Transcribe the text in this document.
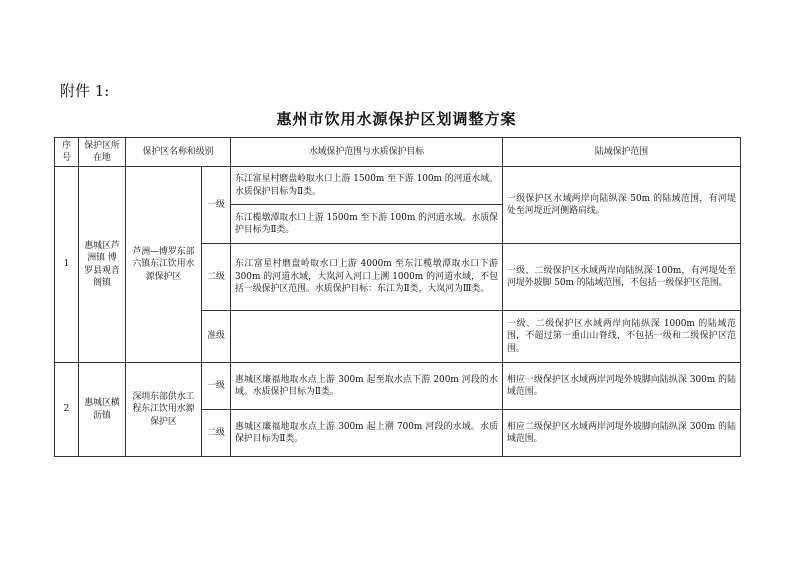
附件 1:
惠州市饮用水源保护区划调整方案
序号	保护区所在地	保护区名称和级别		水域保护范围与水质保护目标	陆域保护范围
1	惠城区芦洲镇 博罗县观音阁镇	芦洲—博罗东部六镇东江饮用水源保护区	一级	东江富星村磨盘岭取水口上游 1500m 至下游 100m 的河道水域。水质保护目标为Ⅱ类。	一级保护区水域两岸向陆纵深 50m 的陆域范围，有河堤处至河堤近河侧路肩线。
				东江榄墩潭取水口上游 1500m 至下游 100m 的河道水域。水质保护目标为Ⅱ类。	
			二级	东江富星村磨盘岭取水口上游 4000m 至东江榄墩潭取水口下游 300m 的河道水域，大岚河入河口上溯 1000m 的河道水域，不包括一级保护区范围。水质保护目标：东江为Ⅱ类，大岚河为Ⅲ类。	一级、二级保护区水域两岸向陆纵深 100m，有河堤处至河堤外坡脚 50m 的陆域范围，不包括一级保护区范围。
			准级		一级、二级保护区水域两岸向陆纵深 1000m 的陆域范围，不超过第一重山山脊线，不包括一级和二级保护区范围。

2	惠城区横沥镇	深圳东部供水工程东江饮用水源保护区	一级	惠城区廉福地取水点上游 300m 起至取水点下游 200m 河段的水域。水质保护目标为Ⅱ类。	相应一级保护区水域两岸河堤外坡脚向陆纵深 300m 的陆域范围。
			二级	惠城区廉福地取水点上游 300m 起上溯 700m 河段的水域。水质保护目标为Ⅱ类。	相应二级保护区水域两岸河堤外坡脚向陆纵深 300m 的陆域范围。
